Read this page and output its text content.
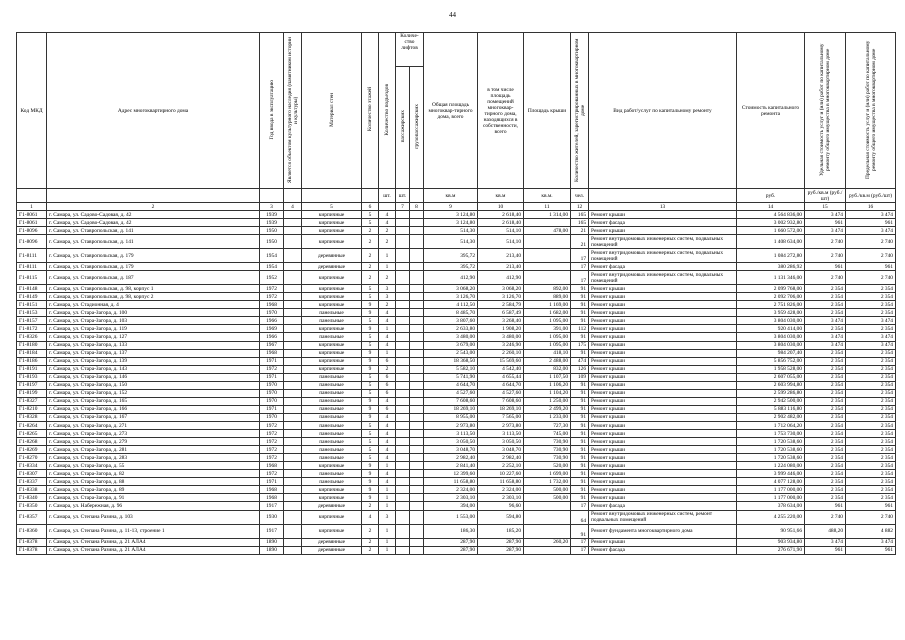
44
Код МКД	Адрес многоквартирного дома	Год ввода в эксплуатацию	Является объектом культурного наследия (памятником истории и культуры)	Материал стен	Количество этажей	Количество подъездов	Количе-ство лифтов		Общая площадь многоквар-тирного дома, всего	в том числе площадь помещений многоквар-тирного дома, находящихся в собственности, всего	Площадь крыши	Количество жителей, зарегистрированных в многоквартирном доме	Вид работ/услуг по капитальному ремонту	Стоимость капитального ремонта	Удельная стоимость услуг и (или) работ по капитальному ремонту общего имущества в многоквартирном доме	Предельная стоимость услуг и (или) работ по капитальному ремонту общего имущества в многоквартирном доме
							пассажирских	грузопассажирских								
						шт.	шт.		кв.м	кв.м	кв.м.	чел.		руб.	руб./кв.м (руб./шт)	руб./кв.м (руб./шт)
1	2	3	4	5	6		7	8	9	10	11	12	13	14	15	16
Г1-8061	г. Самара, ул. Садово-Садовая, д. 42	1939		кирпичные	5	4			3 124,80	2 618,40	1 314,00	165	Ремонт крыши	4 564 836,00	3 474	3 474
Г1-8061	г. Самара, ул. Садово-Садовая, д. 42	1939		кирпичные	5	4			3 124,80	2 618,40		165	Ремонт фасада	3 002 932,80	961	961
Г1-8096	г. Самара, ул. Ставропольская, д. 141	1950		кирпичные	2	2			514,30	514,10	478,00	21	Ремонт крыши	1 660 572,00	3 474	3 474
Г1-8096	г. Самара, ул. Ставропольская, д. 141	1950		кирпичные	2	2			514,30	514,10		21	Ремонт внутридомовых инженерных систем, подвальных помещений	1 408 634,00	2 740	2 740
Г1-8111	г. Самара, ул. Ставропольская, д. 179	1954		деревянные	2	1			395,72	213,40		17	Ремонт внутридомовых инженерных систем, подвальных помещений	1 084 272,80	2 740	2 740
Г1-8111	г. Самара, ул. Ставропольская, д. 179	1954		деревянные	2	1			395,72	213,40		17	Ремонт фасада	380 286,92	961	961
Г1-8115	г. Самара, ул. Ставропольская, д. 187	1952		кирпичные	2	2			412,90	412,90		17	Ремонт внутридомовых инженерных систем, подвальных помещений	1 131 346,00	2 740	2 740
Г1-8148	г. Самара, ул. Ставропольская, д. 98, корпус 1	1972		кирпичные	5	3			3 068,20	3 068,20	892,00	91	Ремонт крыши	2 099 768,00	2 354	2 354
Г1-8149	г. Самара, ул. Ставропольская, д. 98, корпус 2	1972		кирпичные	5	3			3 126,70	3 126,70	889,00	91	Ремонт крыши	2 092 706,00	2 354	2 354
Г1-8151	г. Самара, ул. Стадионная, д. 4	1968		кирпичные	9	2			4 112,50	2 584,79	1 169,00	91	Ремонт крыши	2 751 826,00	2 354	2 354
Г1-8153	г. Самара, ул. Стара-Загора, д. 100	1970		панельные	9	4			8 485,70	6 587,49	1 682,00	91	Ремонт крыши	3 959 428,00	2 354	2 354
Г1-8157	г. Самара, ул. Стара-Загора, д. 103	1966		панельные	5	4			3 807,60	3 268,40	1 095,00	91	Ремонт крыши	3 804 030,00	3 474	3 474
Г1-8172	г. Самара, ул. Стара-Загора, д. 119	1969		кирпичные	9	1			2 633,80	1 908,20	391,00	112	Ремонт крыши	920 414,00	2 354	2 354
Г1-8326	г. Самара, ул. Стара-Загора, д. 127	1966		панельные	5	4			3 480,00	3 480,00	1 095,00	91	Ремонт крыши	3 804 030,00	3 474	3 474
Г1-8180	г. Самара, ул. Стара-Загора, д. 133	1967		кирпичные	5	4			3 679,00	3 246,90	1 095,00	175	Ремонт крыши	3 804 030,00	3 474	3 474
Г1-8184	г. Самара, ул. Стара-Загора, д. 137	1968		кирпичные	9	1			2 543,00	2 260,10	418,10	91	Ремонт крыши	984 207,40	2 354	2 354
Г1-8186	г. Самара, ул. Стара-Загора, д. 139	1971		кирпичные	9	6			18 368,50	15 569,60	2 488,00	474	Ремонт крыши	5 856 752,00	2 354	2 354
Г1-8191	г. Самара, ул. Стара-Загора, д. 143	1972		кирпичные	9	2			5 582,10	4 542,40	832,00	126	Ремонт крыши	1 958 528,00	2 354	2 354
Г1-8193	г. Самара, ул. Стара-Загора, д. 146	1971		панельные	5	6			5 741,90	4 655,44	1 107,50	109	Ремонт крыши	2 607 055,00	2 354	2 354
Г1-8197	г. Самара, ул. Стара-Загора, д. 150	1970		панельные	5	6			4 644,70	4 644,70	1 106,20	91	Ремонт крыши	2 603 994,80	2 354	2 354
Г1-8199	г. Самара, ул. Стара-Загора, д. 152	1970		панельные	5	6			4 527,60	4 527,60	1 104,20	91	Ремонт крыши	2 599 286,80	2 354	2 354
Г1-8327	г. Самара, ул. Стара-Загора, д. 165	1970		панельные	9	4			7 608,60	7 608,60	1 250,00	91	Ремонт крыши	2 942 500,00	2 354	2 354
Г1-8210	г. Самара, ул. Стара-Загора, д. 166	1971		панельные	9	6			18 269,10	18 269,10	2 499,20	91	Ремонт крыши	5 883 116,80	2 354	2 354
Г1-8328	г. Самара, ул. Стара-Загора, д. 167	1970		панельные	9	4			8 955,00	7 565,00	1 233,00	91	Ремонт крыши	2 902 482,00	2 354	2 354
Г1-8264	г. Самара, ул. Стара-Загора, д. 271	1972		панельные	5	4			2 973,80	2 973,80	727,30	91	Ремонт крыши	1 712 064,20	2 354	2 354
Г1-8265	г. Самара, ул. Стара-Загора, д. 273	1972		панельные	5	4			3 113,50	3 113,50	745,00	91	Ремонт крыши	1 753 730,00	2 354	2 354
Г1-8268	г. Самара, ул. Стара-Загора, д. 279	1972		панельные	5	4			3 050,50	3 050,50	730,90	91	Ремонт крыши	1 720 538,60	2 354	2 354
Г1-8269	г. Самара, ул. Стара-Загора, д. 281	1972		панельные	5	4			3 048,70	3 048,70	730,90	91	Ремонт крыши	1 720 538,60	2 354	2 354
Г1-8270	г. Самара, ул. Стара-Загора, д. 283	1972		панельные	5	4			2 982,40	2 982,40	730,90	91	Ремонт крыши	1 720 538,60	2 354	2 354
Г1-8334	г. Самара, ул. Стара-Загора, д. 55	1968		кирпичные	9	1			2 841,40	2 252,10	520,00	91	Ремонт крыши	1 224 080,00	2 354	2 354
Г1-8307	г. Самара, ул. Стара-Загора, д. 82	1972		панельные	9	4			12 399,60	10 227,60	1 699,00	91	Ремонт крыши	3 999 446,00	2 354	2 354
Г1-8337	г. Самара, ул. Стара-Загора, д. 88	1971		панельные	9	4			11 658,80	11 658,80	1 732,00	91	Ремонт крыши	4 077 128,00	2 354	2 354
Г1-8338	г. Самара, ул. Стара-Загора, д. 89	1968		кирпичные	9	1			2 324,00	2 324,00	500,00	91	Ремонт крыши	1 177 000,00	2 354	2 354
Г1-8340	г. Самара, ул. Стара-Загора, д. 91	1968		кирпичные	9	1			2 303,10	2 303,10	500,00	91	Ремонт крыши	1 177 000,00	2 354	2 354
Г1-8350	г. Самара, ул. Набережная, д. 96	1917		деревянные	2	1			394,00	96,60		17	Ремонт фасада	378 634,00	961	961
Г1-8357	г. Самара, ул. Степана Разина, д. 103	1930		кирпичные	4	3			1 553,00	594,80		64	Ремонт внутридомовых инженерных систем, ремонт подвальных помещений	4 255 220,00	2 740	2 740
Г1-8360	г. Самара, ул. Степана Разина, д. 11-13, строение 1	1917		кирпичные	2	1			186,30	185,20		91	Ремонт фундамента многоквартирного дома	90 951,66	488,20	4 882
Г1-8378	г. Самара, ул. Степана Разина, д. 21 АЛА4	1890		деревянные	2	1			287,90	287,90	260,20	17	Ремонт крыши	903 934,80	3 474	3 474
Г1-8378	г. Самара, ул. Степана Разина, д. 21 АЛА4	1890		деревянные	2	1			287,90	287,90		17	Ремонт фасада	276 671,90	961	961
